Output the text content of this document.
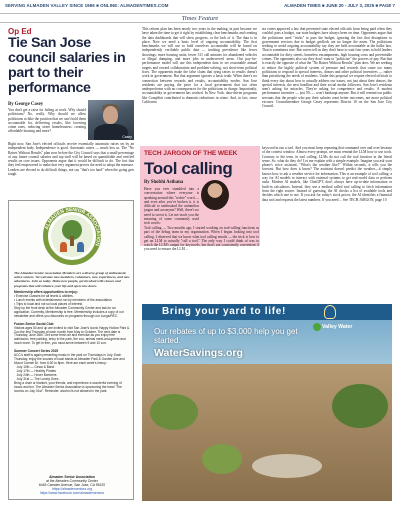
SERVING ALMADEN VALLEY SINCE 1986 ■ ONLINE: ALMADENTIMES.COM	ALMADEN TIMES ■ JUNE 20 - JULY 3, 2025 ■ PAGE 7
Times Feature
Op Ed
Tie San Jose council salaries in part to their performance
By George Casey
You don't get a raise for failing at work. Why should politicians? No, really. Why should we allow politicians to hike the position that we can't hold them accountable for, delivering results, like lowering crime rates, reducing street homelessness, creating affordable housing and more?
Casey
Right now, San Jose's elected officials receive essentially automatic raises set by an independent body. Independence is good. Automatic raises — much less so. The "No Raises Without Results" plan now before the City Council says that a small percentage of any future council salaries and top staff will be based on quantifiable and verified results on core issues. Opponents argue that it would be difficult to do. The fact that they feel empowered to make that very argument proves the need to adopt the measure. Leaders are elected to do difficult things, not say "that's too hard" when the going gets tough.
ALMADEN SENIOR ASSOCIATION
The Almaden Senior Association Members are a diverse group of enthusiastic active seniors. We welcome new members, volunteers, new experiences, and new adventures. Join us today. Make new people, get involved with classes and programs that will enhance your life and open new doors.
Membership offers opportunities to enjoy:
• Exercise Classes for all levels & abilities.
• Lunch events with entertainment run by members of the association.
• Trips to local and not so local places of interest.
Stop by the front desk at the Almaden Community Center and ask for an application. Currently, Membership is free. Membership includes a copy of our newsletter and offers you discounts on programs through our Lungs/REC.

Fusion Senior Social Club
Visitors ages 50 and up are invited to visit San Jose's iconic Happy Hollow Park & Zoo the first Thursday of each month from May to October. The next date is Thursday, June 26th. Get some fresh air and exercise as you enjoy free admission, free parking, entry to the park, the zoo, animal meet-and-greets and much more. To get in free, you must arrive between 9 and 10 a.m.

Summer Concert Series 2025
ACC's staff is again presenting music in the park on Thursdays in July. Each Thursday, enjoy the sounds of local bands at Almaden Park & Garden Ave and Mount Carmel Dr. from 6:30 to 8pm. Here are each week's lineup:
July 10th — Cesar & Band
July 17th — Healthy Pirates
July 24th — Hover Bombers
July 31st — The Lonely Ones
Bring a chair or blanket, your friends, and experience a wonderful evening of music and fun. The Almaden Senior Association is sponsoring the band "The Iconics on July 31st". Reminder: alcohol is not allowed in the park.
Almaden Senior Association
at the Almaden Community Center
6445 Camden Avenue, San Jose, CA 95120
https://almadenseniors.org
https://www.facebook.com/almadenseniors
This reform plan has been nearly two years in the making, in part because we have taken the time to get it right by establishing clear benchmarks and creating the data dashboards that will show progress, or the lack of it. The data is in place. Now we need a basic level of ongoing accountability. The first benchmarks we will use to hold ourselves accountable will be based on independently verifiable public data — tracking prevalence like fewer shootings; more housing units; fewer 311 call minutes for abandoned vehicles or illegal dumping, and more jobs in underserved areas. Our pay-for-performance model will use this independent data to set reasonable annual targets and reward collaboration and problem-solving, not short-term political fixes. The opponents make the false claim that tying raises to results doesn't work in government. But that argument ignores a basic truth: When there's no connection between rewards and results, accountability erodes. San Jose residents are paying the price for a local government that too often underperforms with no consequences for the politicians in charge. Importantly, accountability in government has worked. In New York, data-driven programs like CompStat contributed to dramatic reductions in crime. And, in fact, since California
sia voters approved a law that prevented state elected officials from being paid when they couldn't pass a budget, our state budgets have always been on time. Opponents argue that the politicians used "tricks" to pass the budget, ignoring the fact that disruptions to government services due to budget gridlock are no longer the norm. The politicians seeking to avoid ongoing accountability say they are held accountable at the ballot box. That is sometimes true. But voters tell us they don't have to wait four years to hold leaders accountable for dirty streets, homeless encampments, high housing costs and preventable crimes. The opponents also say they don't want to "politicize" the process of pay. But that is exactly the opposite of what the "No Raises Without Results" plan does. We are seeking to reduce the highly political system of pressure and rewards that cause too many politicians to respond to special interests, donors and other political incentives — rather than prioritizing the needs of residents. Under this proposal we require elected officials to think every day about how to actually address our issues, not just about their donors, the special interests, the next headline and their social media followers. San Jose's residents aren't asking for miracles. They're asking for competence and results. A modest performance incentive — just 5% — won't bankrupt anyone. But it will remind our public servants that the people who pay their salaries want better outcomes, not more political excuses. Councilmember George Casey represents District 10 on the San Jose City Council.
TECH JARGON OF THE WEEK
Tool calling
By Shobhi Asthana
Have you ever stumbled into a conversation where everyone is speaking around this "techie" word — and even after you've broken it, it is difficult to understand the unfamiliar jargon and acronyms? Well, there's no need to sweat it. Let me teach you the meaning of some commonly used tech words:
Tool calling — Two months ago, I started working on tool-calling functions as part of the debug team in my organization. When I began looking into tool calling, I observed that we know what tool calling entails — the trick is how to get an LLM to actually "call a tool." The only way I could think of was to watch the LLM's output for keywords, but that's not consistently convenient if you need to ensure the LLM ...
keyword in run a tool. And you must keep repeating that command over and over because of the context window. Almost every prompt, we must remind the LLM how to use tools. Contrary to the term, in tool calling, LLMs do not call the tool function in the literal sense. So, what do they do? Let me explain with a simple example. Imagine you ask your phone's voice assistant, "What's the weather like?" Within seconds, it tells you the forecast. But how does it know? The assistant doesn't predict the weather—it simply knows how to ask a weather service for information. This is an example of tool calling: a way for AI models to interact with external systems to get real-world data or perform tasks. Modern AI models, like ChatGPT, don't always have up-to-date information or built-in calculators. Instead, they use a method called tool calling to fetch information from the right source. Instead of guessing, the AI checks a list of available tools and decides which one to use. If you ask for today's stock prices, the AI identifies a financial data tool and requests the latest numbers. If you need ... See TECH JARGON, page 10
Bring your yard to life!
Valley Water
Our rebates of up to $3,000 help you get started.
WaterSavings.org
